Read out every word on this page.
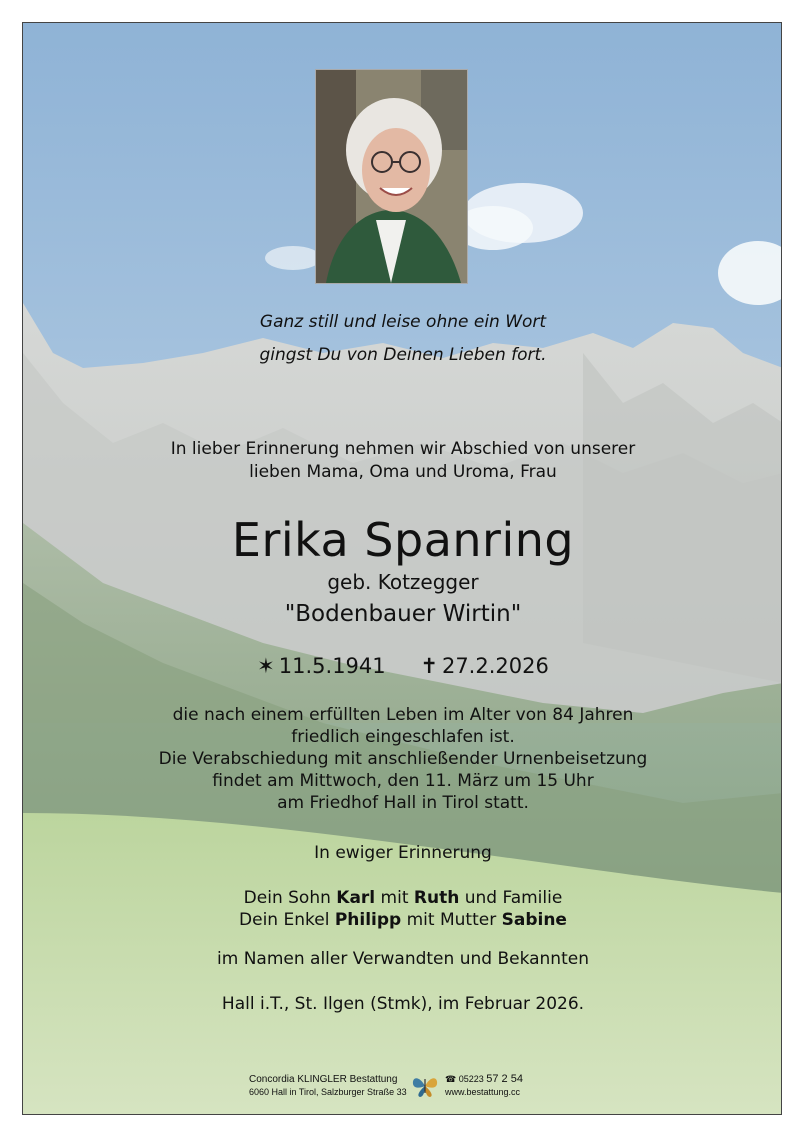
Ganz still und leise ohne ein Wort
gingst Du von Deinen Lieben fort.
In lieber Erinnerung nehmen wir Abschied von unserer
lieben Mama, Oma und Uroma, Frau
Erika Spanring
geb. Kotzegger
"Bodenbauer Wirtin"
✶ 11.5.1941 ✝ 27.2.2026
die nach einem erfüllten Leben im Alter von 84 Jahren
friedlich eingeschlafen ist.
Die Verabschiedung mit anschließender Urnenbeisetzung
findet am Mittwoch, den 11. März um 15 Uhr
am Friedhof Hall in Tirol statt.
In ewiger Erinnerung
Dein Sohn Karl mit Ruth und Familie
Dein Enkel Philipp mit Mutter Sabine
im Namen aller Verwandten und Bekannten
Hall i.T., St. Ilgen (Stmk), im Februar 2026.
Concordia KLINGLER Bestattung
6060 Hall in Tirol, Salzburger Straße 33
☎ 05223 57 2 54
www.bestattung.cc
